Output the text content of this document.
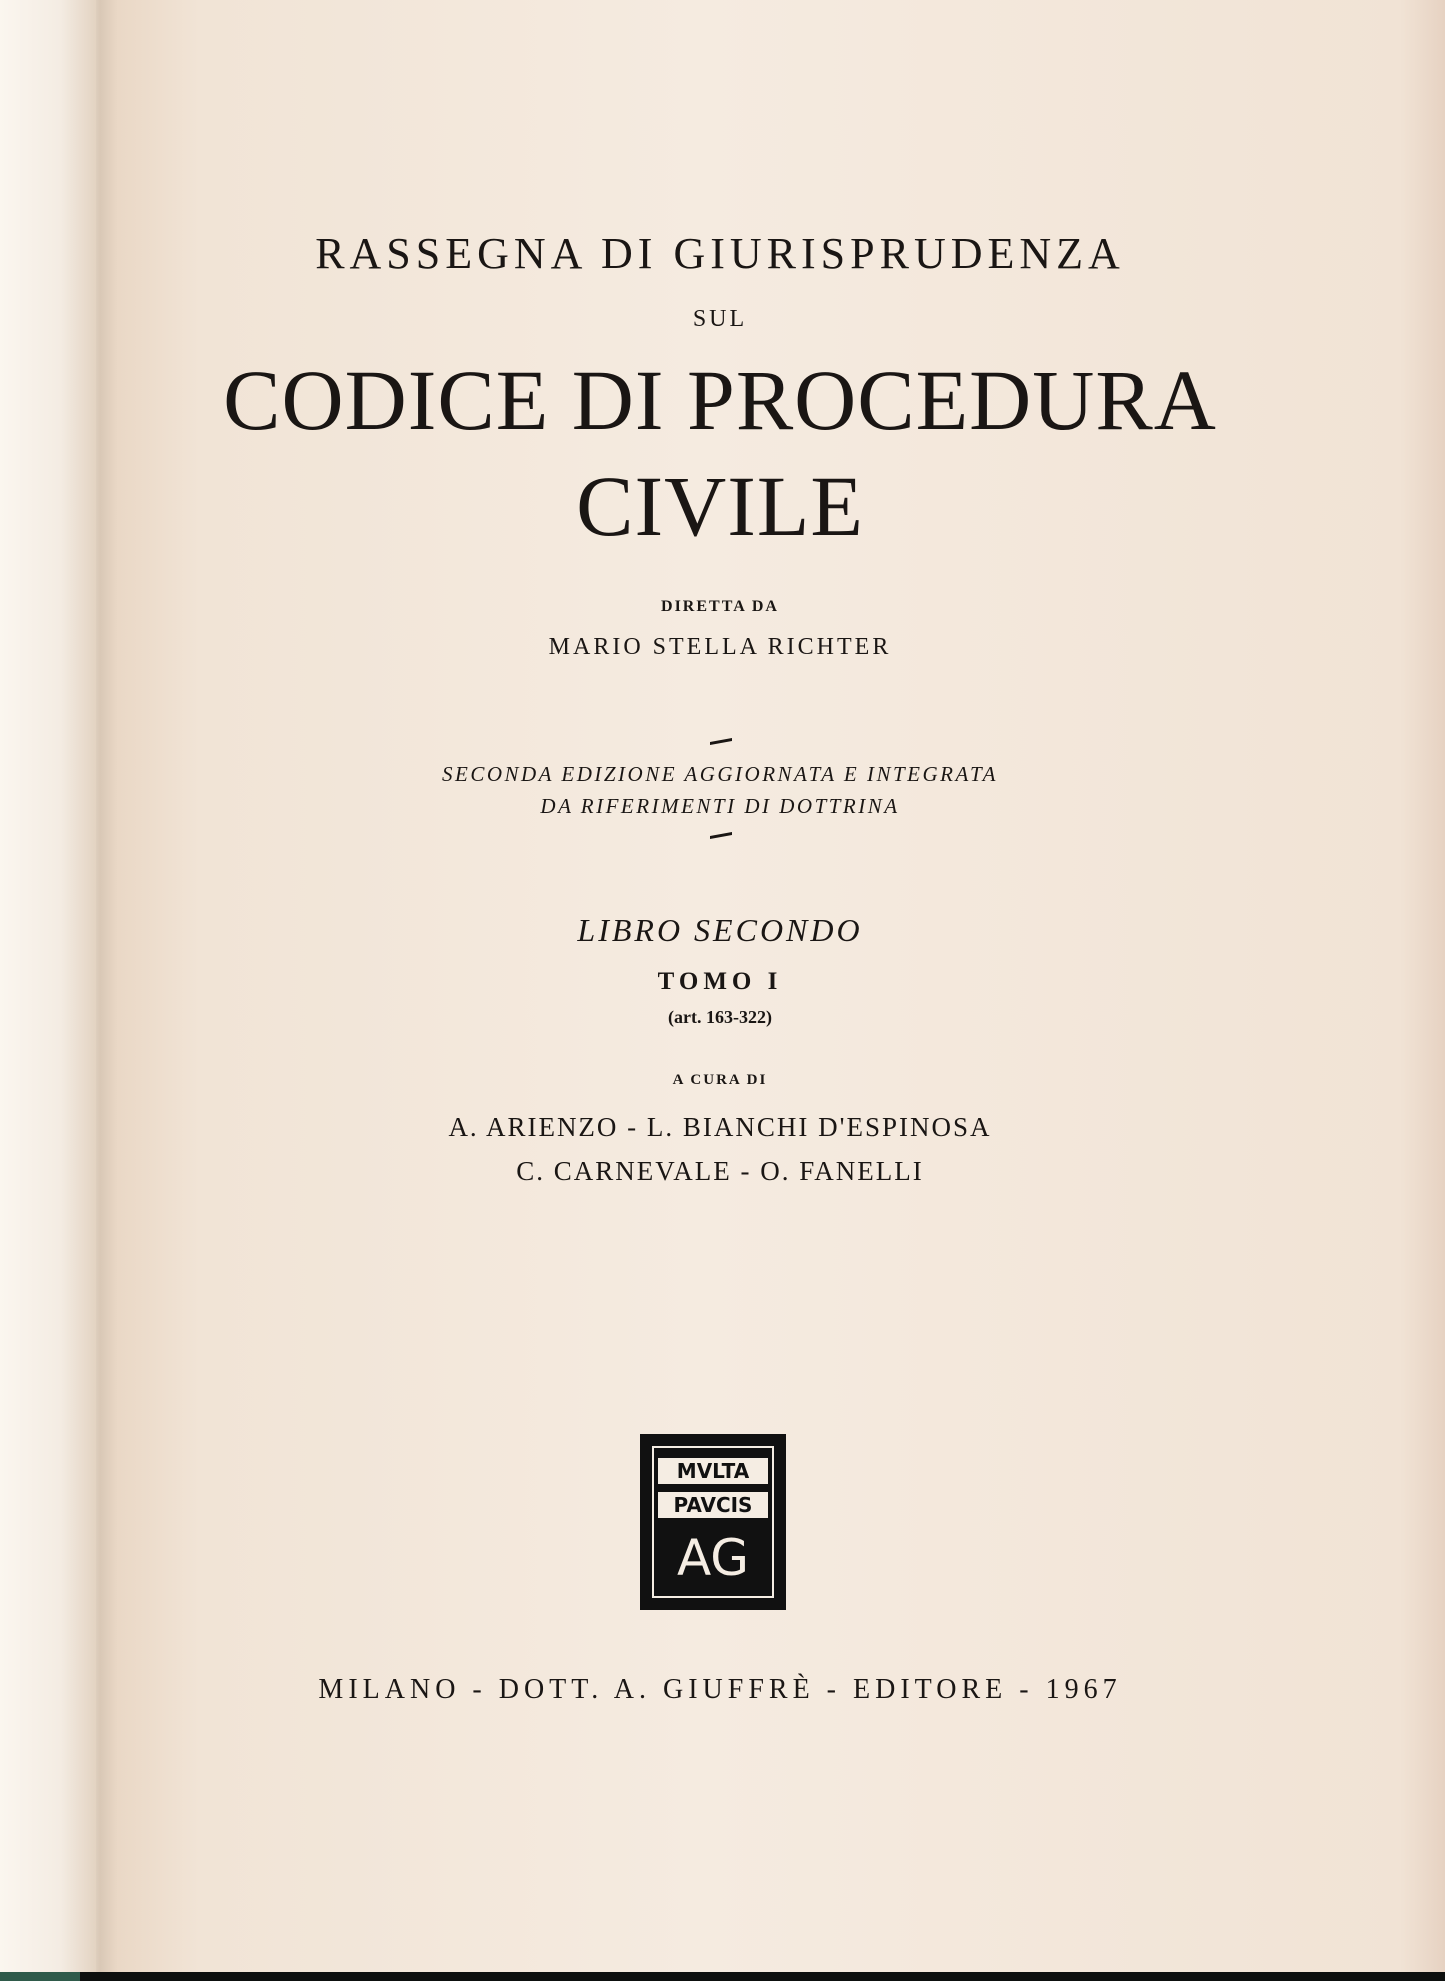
RASSEGNA DI GIURISPRUDENZA
SUL
CODICE DI PROCEDURA
CIVILE
DIRETTA DA
MARIO STELLA RICHTER
SECONDA EDIZIONE AGGIORNATA E INTEGRATA
DA RIFERIMENTI DI DOTTRINA
LIBRO SECONDO
TOMO I
(art. 163-322)
A CURA DI
A. ARIENZO - L. BIANCHI D'ESPINOSA
C. CARNEVALE - O. FANELLI
MVLTA
PAVCIS
AG
MILANO - DOTT. A. GIUFFRÈ - EDITORE - 1967
